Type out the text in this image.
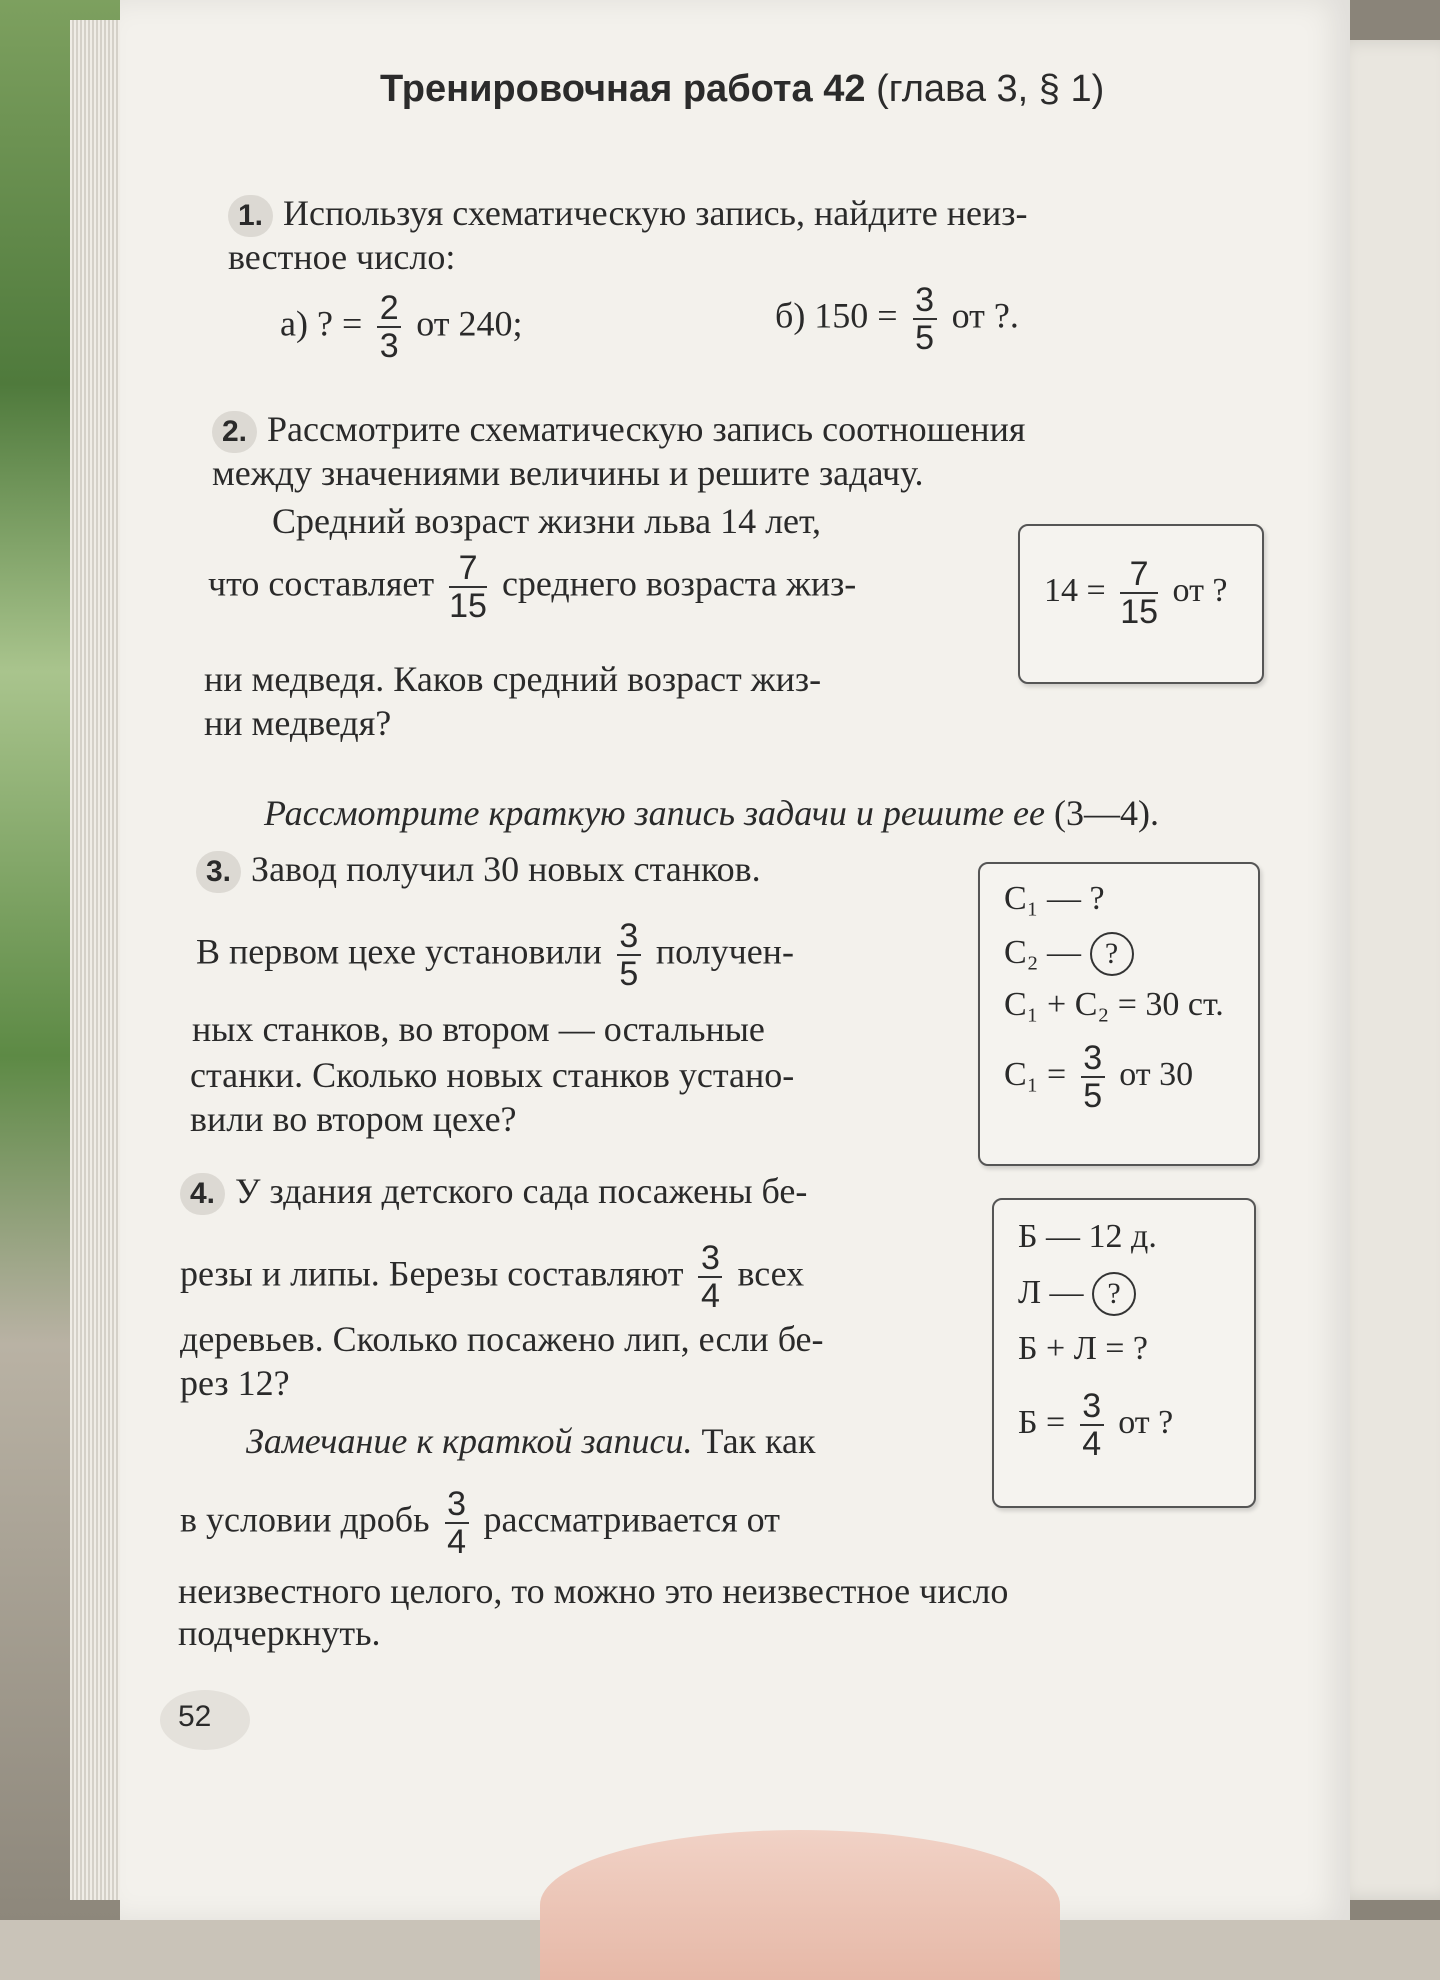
Тренировочная работа 42 (глава 3, § 1)
1. Используя схематическую запись, найдите неиз-
вестное число:
а) ? = $\frac{2}{3}$ от 240;	б) $150 = \frac{3}{5}$ от ?.
2. Рассмотрите схематическую запись соотношения
между значениями величины и решите задачу.
Средний возраст жизни льва 14 лет,
что составляет $\frac{7}{15}$ среднего возраста жиз-
ни медведя. Каков средний возраст жиз-
ни медведя?
$14 = \frac{7}{15}$ от ?
Рассмотрите краткую запись задачи и решите ее (3—4).
3. Завод получил 30 новых станков.
В первом цехе установили $\frac{3}{5}$ получен-
ных станков, во втором — остальные
станки. Сколько новых станков устано-
вили во втором цехе?
С₁ — ?
С₂ — ?
С₁ + С₂ = 30 ст.
$С_1 = \frac{3}{5}$ от 30
4. У здания детского сада посажены бе-
резы и липы. Березы составляют $\frac{3}{4}$ всех
деревьев. Сколько посажено лип, если бе-
рез 12?
Замечание к краткой записи. Так как
в условии дробь $\frac{3}{4}$ рассматривается от
неизвестного целого, то можно это неизвестное число
подчеркнуть.
Б — 12 д.
Л — ?
Б + Л = ?
$Б = \frac{3}{4}$ от ?
52
